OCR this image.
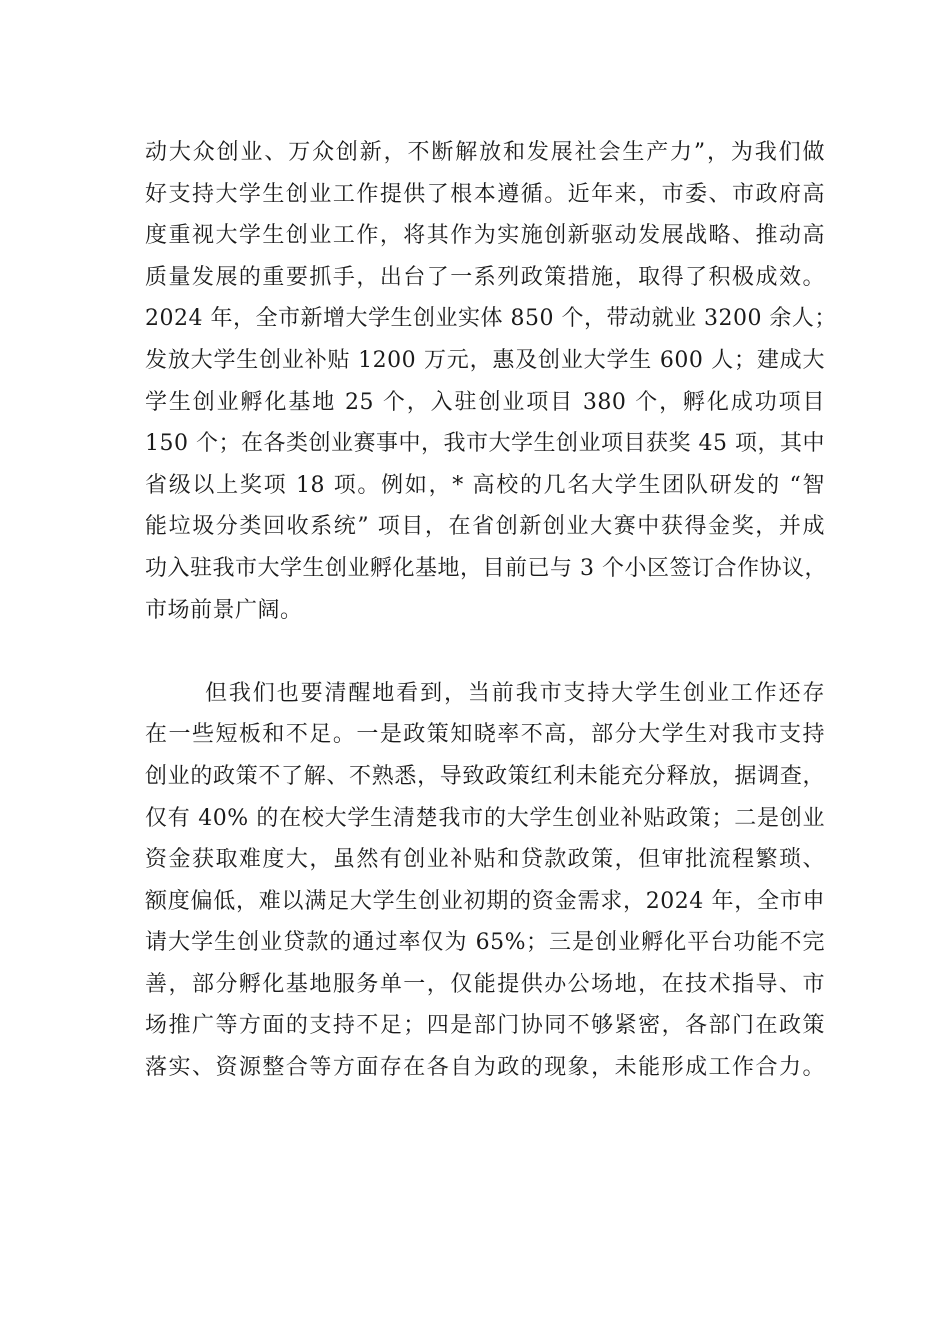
动大众创业、万众创新，不断解放和发展社会生产力”，为我们做
好支持大学生创业工作提供了根本遵循。近年来，市委、市政府高
度重视大学生创业工作，将其作为实施创新驱动发展战略、推动高
质量发展的重要抓手，出台了一系列政策措施，取得了积极成效。
2024 年，全市新增大学生创业实体 850 个，带动就业 3200 余人；
发放大学生创业补贴 1200 万元，惠及创业大学生 600 人；建成大
学生创业孵化基地 25 个，入驻创业项目 380 个，孵化成功项目
150 个；在各类创业赛事中，我市大学生创业项目获奖 45 项，其中
省级以上奖项 18 项。例如，* 高校的几名大学生团队研发的 “智
能垃圾分类回收系统” 项目，在省创新创业大赛中获得金奖，并成
功入驻我市大学生创业孵化基地，目前已与 3 个小区签订合作协议，
市场前景广阔。
但我们也要清醒地看到，当前我市支持大学生创业工作还存
在一些短板和不足。一是政策知晓率不高，部分大学生对我市支持
创业的政策不了解、不熟悉，导致政策红利未能充分释放，据调查，
仅有 40% 的在校大学生清楚我市的大学生创业补贴政策；二是创业
资金获取难度大，虽然有创业补贴和贷款政策，但审批流程繁琐、
额度偏低，难以满足大学生创业初期的资金需求，2024 年，全市申
请大学生创业贷款的通过率仅为 65%；三是创业孵化平台功能不完
善，部分孵化基地服务单一，仅能提供办公场地，在技术指导、市
场推广等方面的支持不足；四是部门协同不够紧密，各部门在政策
落实、资源整合等方面存在各自为政的现象，未能形成工作合力。
